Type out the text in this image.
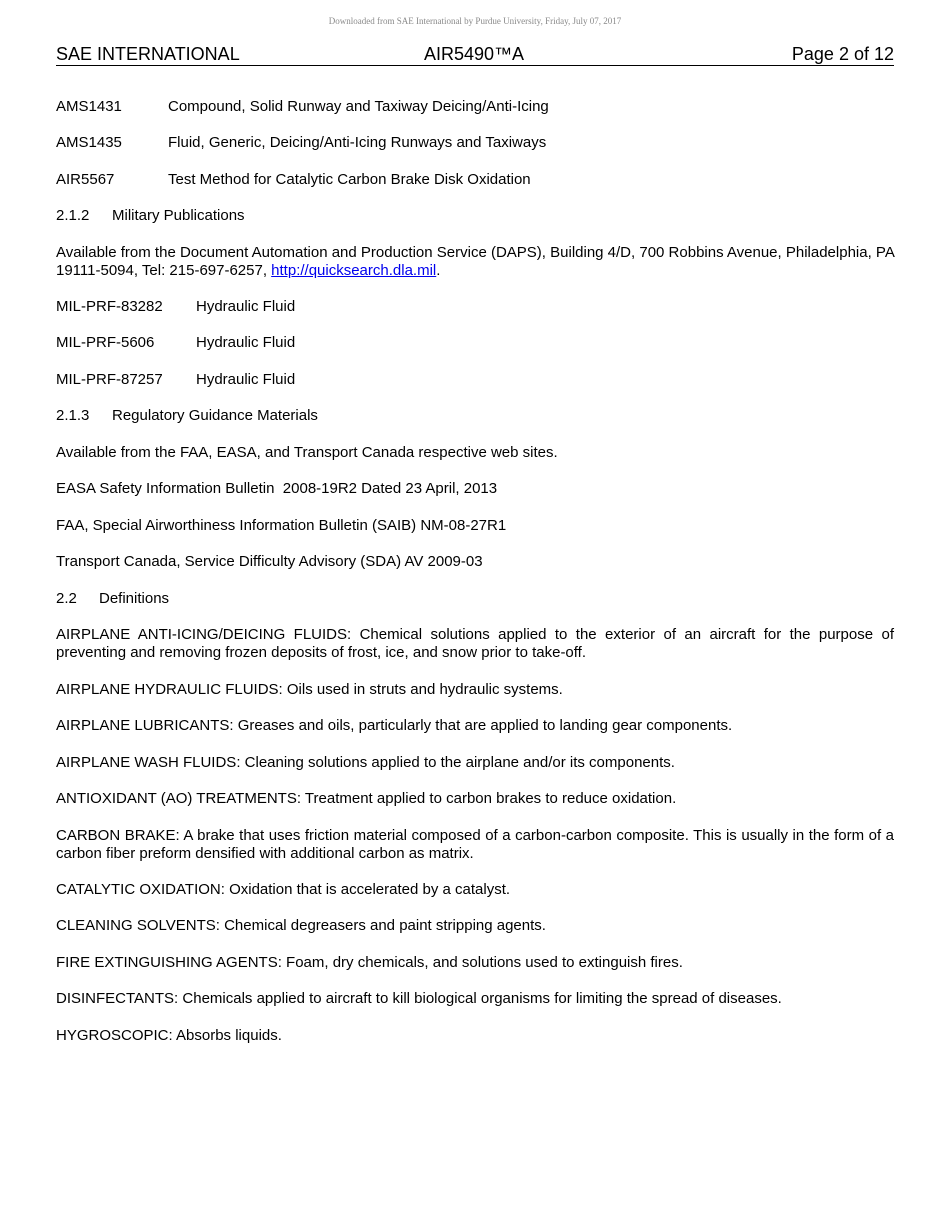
Downloaded from SAE International by Purdue University, Friday, July 07, 2017
SAE INTERNATIONAL	AIR5490™A	Page 2 of 12
AMS1431	Compound, Solid Runway and Taxiway Deicing/Anti-Icing
AMS1435	Fluid, Generic, Deicing/Anti-Icing Runways and Taxiways
AIR5567	Test Method for Catalytic Carbon Brake Disk Oxidation
2.1.2 Military Publications
Available from the Document Automation and Production Service (DAPS), Building 4/D, 700 Robbins Avenue, Philadelphia, PA 19111-5094, Tel: 215-697-6257, http://quicksearch.dla.mil.
MIL-PRF-83282 Hydraulic Fluid
MIL-PRF-5606	Hydraulic Fluid
MIL-PRF-87257 Hydraulic Fluid
2.1.3 Regulatory Guidance Materials
Available from the FAA, EASA, and Transport Canada respective web sites.
EASA Safety Information Bulletin  2008-19R2 Dated 23 April, 2013
FAA, Special Airworthiness Information Bulletin (SAIB) NM-08-27R1
Transport Canada, Service Difficulty Advisory (SDA) AV 2009-03
2.2 Definitions
AIRPLANE ANTI-ICING/DEICING FLUIDS: Chemical solutions applied to the exterior of an aircraft for the purpose of preventing and removing frozen deposits of frost, ice, and snow prior to take-off.
AIRPLANE HYDRAULIC FLUIDS: Oils used in struts and hydraulic systems.
AIRPLANE LUBRICANTS: Greases and oils, particularly that are applied to landing gear components.
AIRPLANE WASH FLUIDS: Cleaning solutions applied to the airplane and/or its components.
ANTIOXIDANT (AO) TREATMENTS: Treatment applied to carbon brakes to reduce oxidation.
CARBON BRAKE: A brake that uses friction material composed of a carbon-carbon composite. This is usually in the form of a carbon fiber preform densified with additional carbon as matrix.
CATALYTIC OXIDATION: Oxidation that is accelerated by a catalyst.
CLEANING SOLVENTS: Chemical degreasers and paint stripping agents.
FIRE EXTINGUISHING AGENTS: Foam, dry chemicals, and solutions used to extinguish fires.
DISINFECTANTS: Chemicals applied to aircraft to kill biological organisms for limiting the spread of diseases.
HYGROSCOPIC: Absorbs liquids.
